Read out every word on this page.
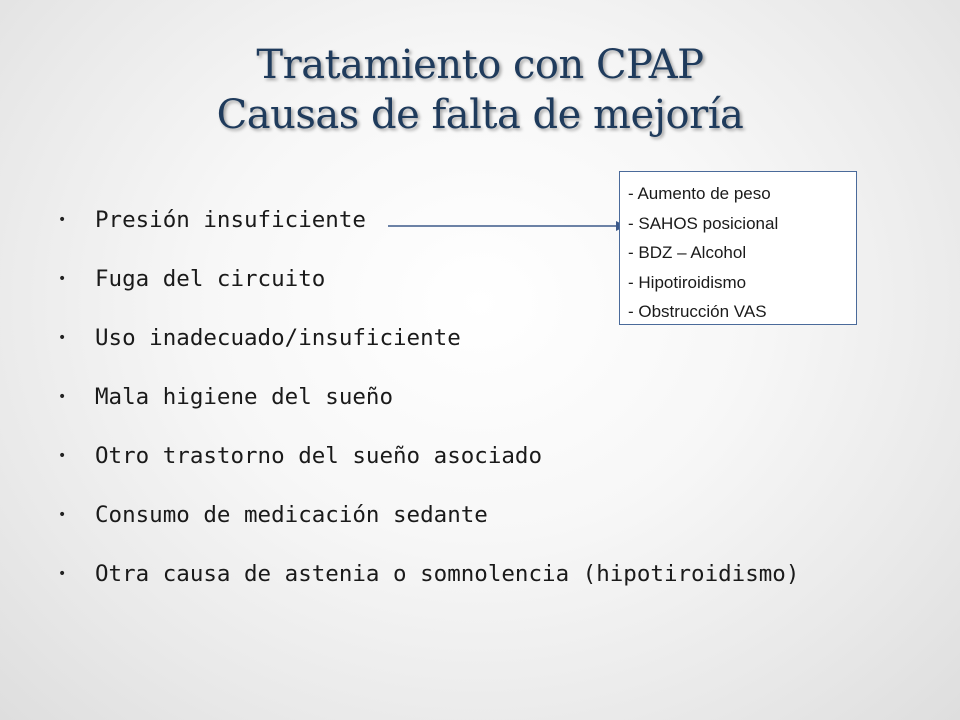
Tratamiento con CPAP
Causas de falta de mejoría
• Presión insuficiente
• Fuga del circuito
• Uso inadecuado/insuficiente
• Mala higiene del sueño
• Otro trastorno del sueño asociado
• Consumo de medicación sedante
• Otra causa de astenia o somnolencia (hipotiroidismo)
- Aumento de peso
- SAHOS posicional
- BDZ – Alcohol
- Hipotiroidismo
- Obstrucción VAS
